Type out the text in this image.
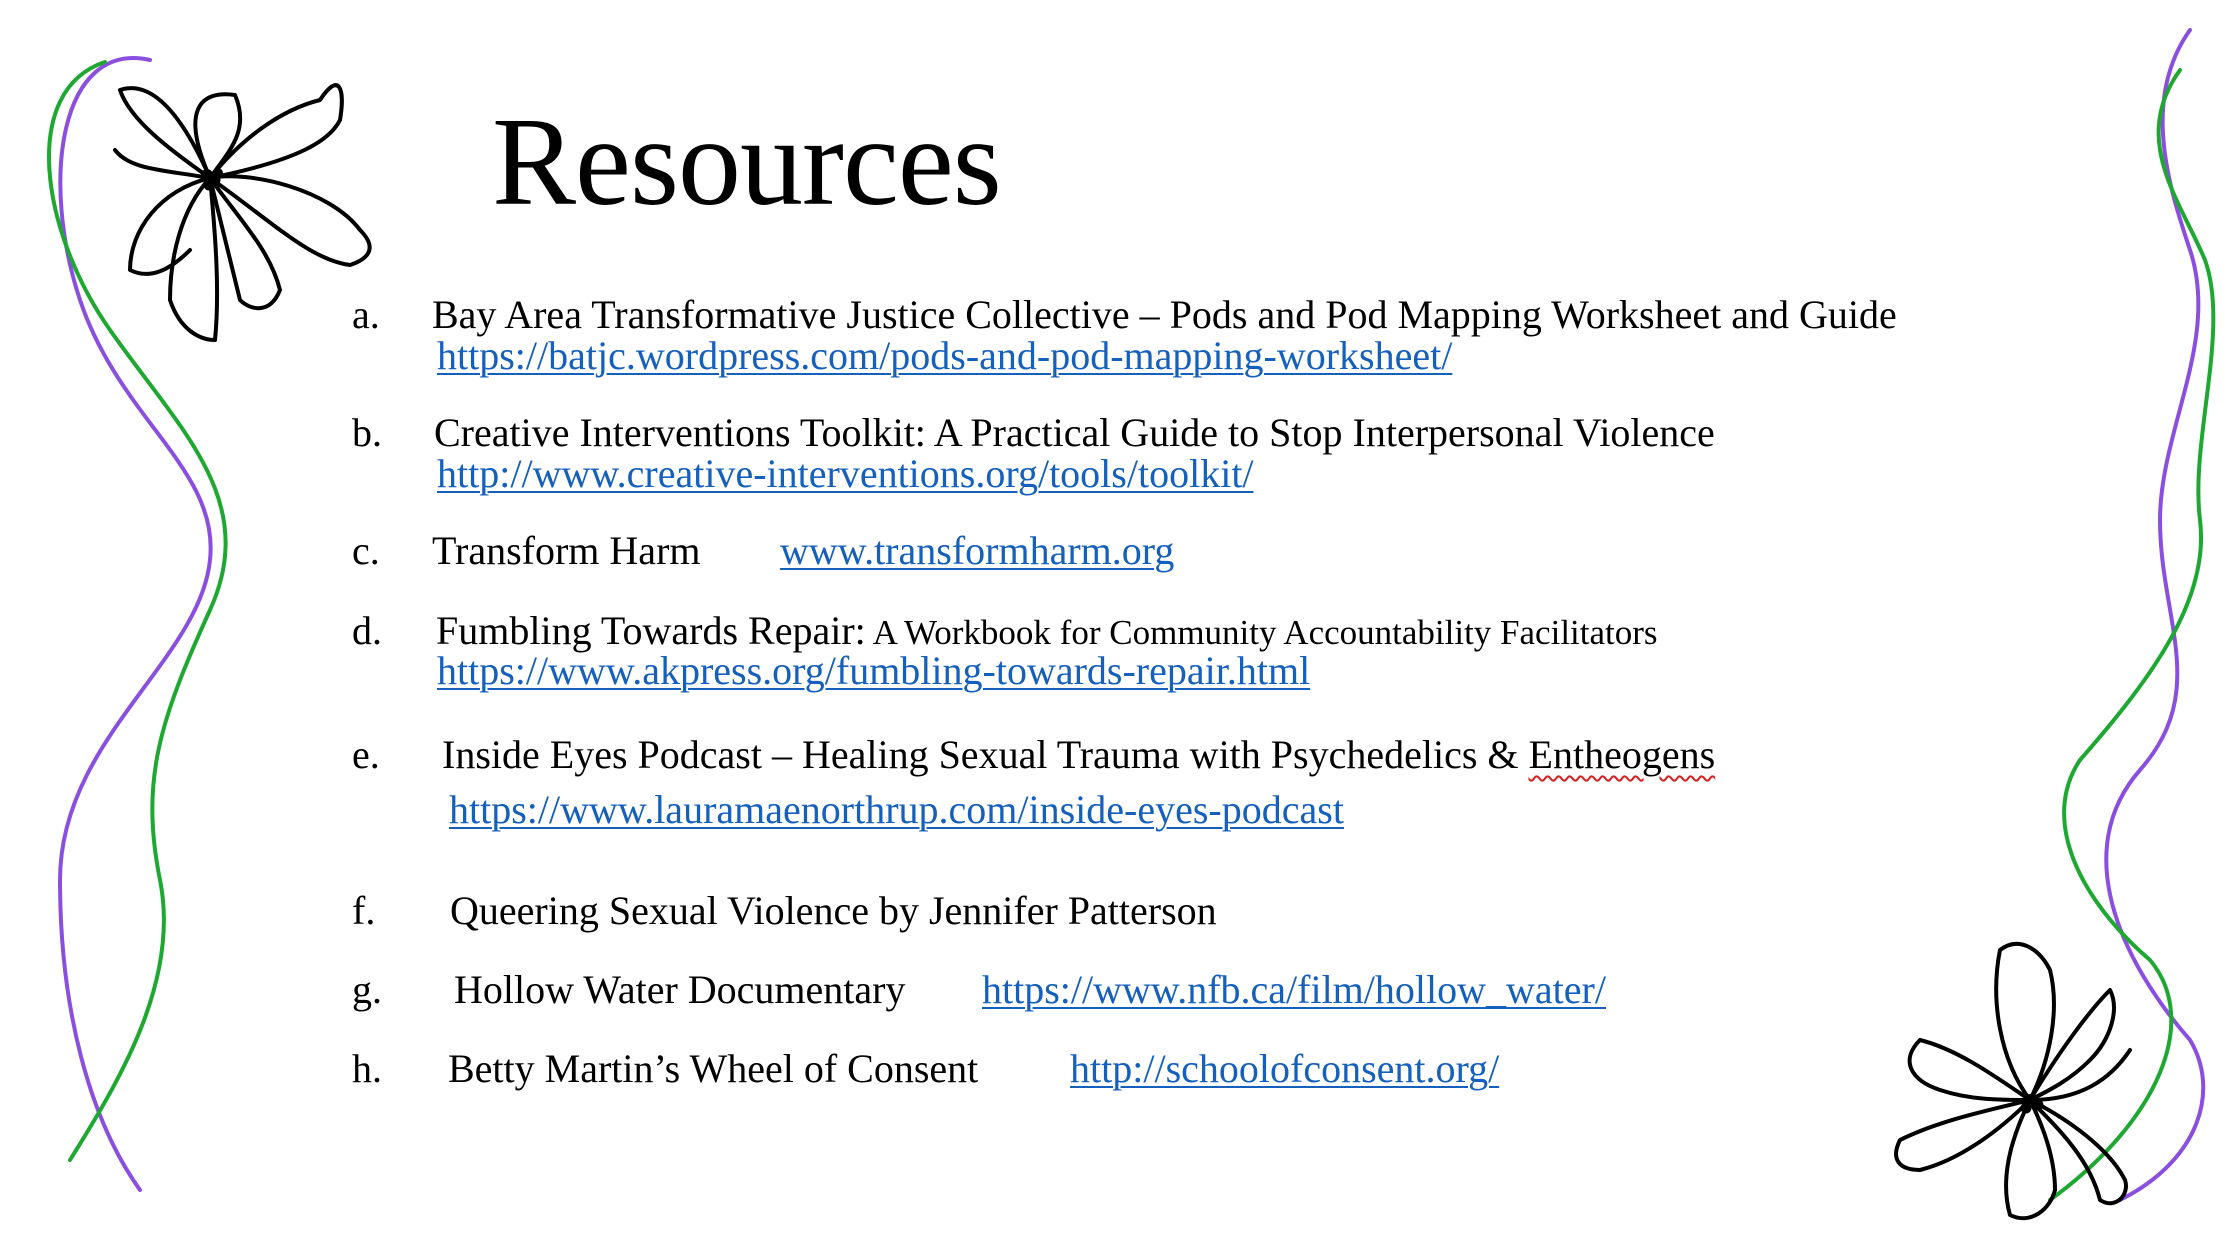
Resources
a. Bay Area Transformative Justice Collective – Pods and Pod Mapping Worksheet and Guide
https://batjc.wordpress.com/pods-and-pod-mapping-worksheet/
b. Creative Interventions Toolkit: A Practical Guide to Stop Interpersonal Violence
http://www.creative-interventions.org/tools/toolkit/
c. Transform Harm www.transformharm.org
d. Fumbling Towards Repair: A Workbook for Community Accountability Facilitators
https://www.akpress.org/fumbling-towards-repair.html
e. Inside Eyes Podcast – Healing Sexual Trauma with Psychedelics & Entheogens
https://www.lauramaenorthrup.com/inside-eyes-podcast
f. Queering Sexual Violence by Jennifer Patterson
g. Hollow Water Documentary https://www.nfb.ca/film/hollow_water/
h. Betty Martin’s Wheel of Consent http://schoolofconsent.org/
